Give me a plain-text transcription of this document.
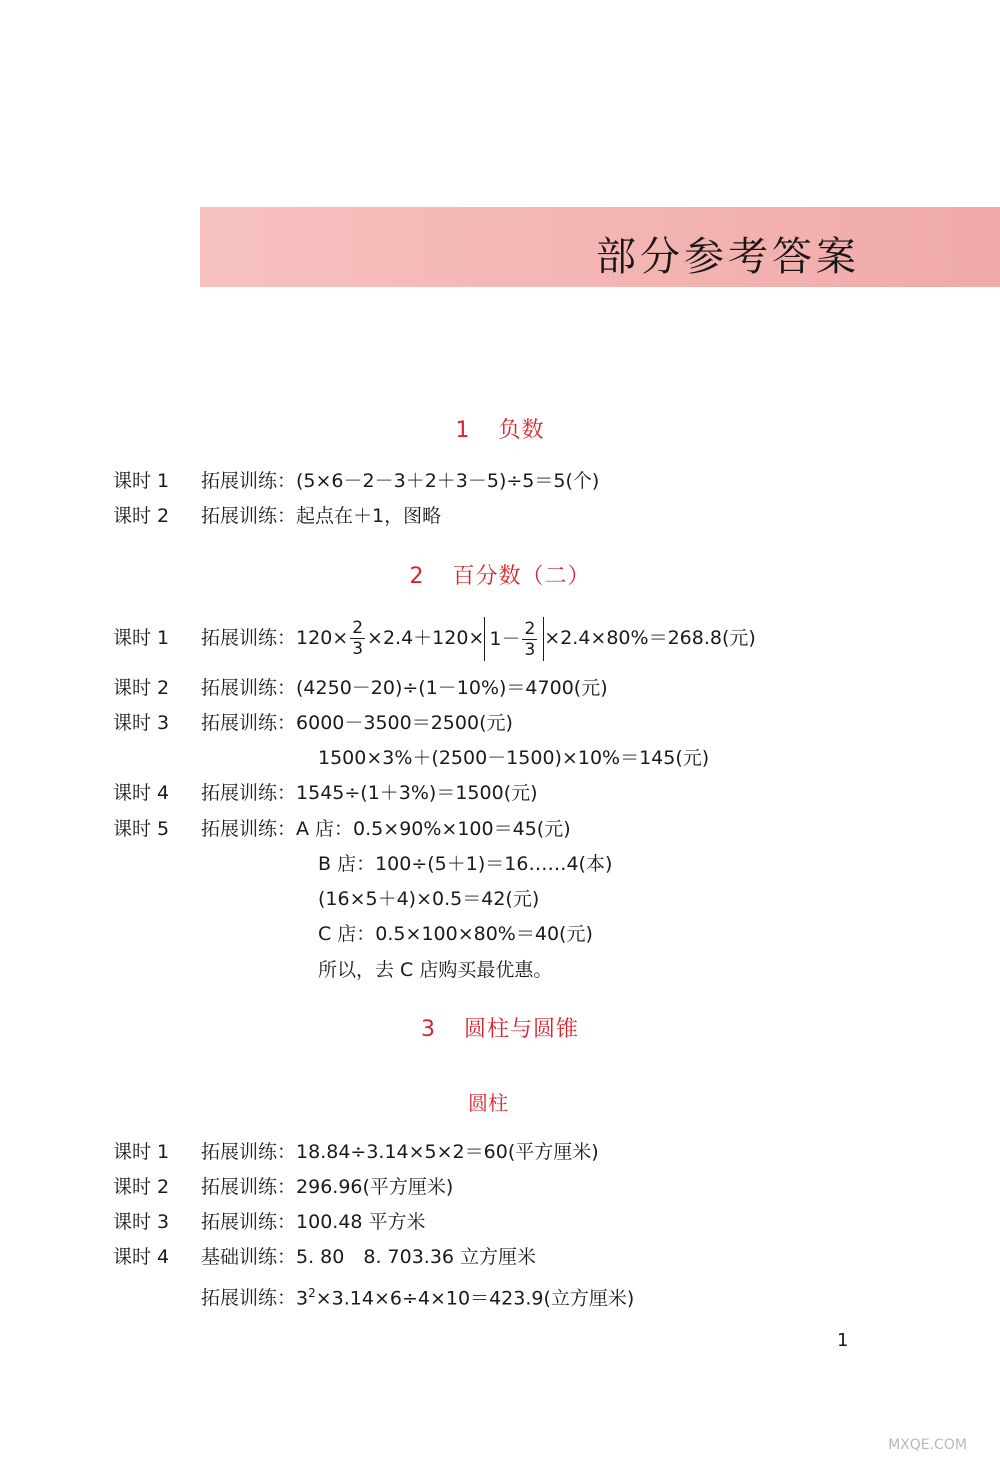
部分参考答案
1 负数
课时 1 拓展训练：(5×6－2－3＋2＋3－5)÷5＝5(个)
课时 2 拓展训练：起点在＋1，图略
2 百分数（二）
课时 1 拓展训练：$120\times \frac{2}{3} \times 2.4+120\times 1- \frac{2}{3} \times 2.4\times 80\%=268.8$(元)
课时 2 拓展训练：(4250－20)÷(1－10%)＝4700(元)
课时 3 拓展训练：6000－3500＝2500(元)
1500×3%＋(2500－1500)×10%＝145(元)
课时 4 拓展训练：1545÷(1＋3%)＝1500(元)
课时 5 拓展训练：A 店：0.5×90%×100＝45(元)
B 店：100÷(5＋1)＝16……4(本)
(16×5＋4)×0.5＝42(元)
C 店：0.5×100×80%＝40(元)
所以，去 C 店购买最优惠。
3 圆柱与圆锥
圆柱
课时 1 拓展训练：18.84÷3.14×5×2＝60(平方厘米)
课时 2 拓展训练：296.96(平方厘米)
课时 3 拓展训练：100.48 平方米
课时 4 基础训练：5. 80　8. 703.36 立方厘米
拓展训练：$3^2\times 3.14\times 6\div 4\times 10=423.9$(立方厘米)
1
MXQE.COM
